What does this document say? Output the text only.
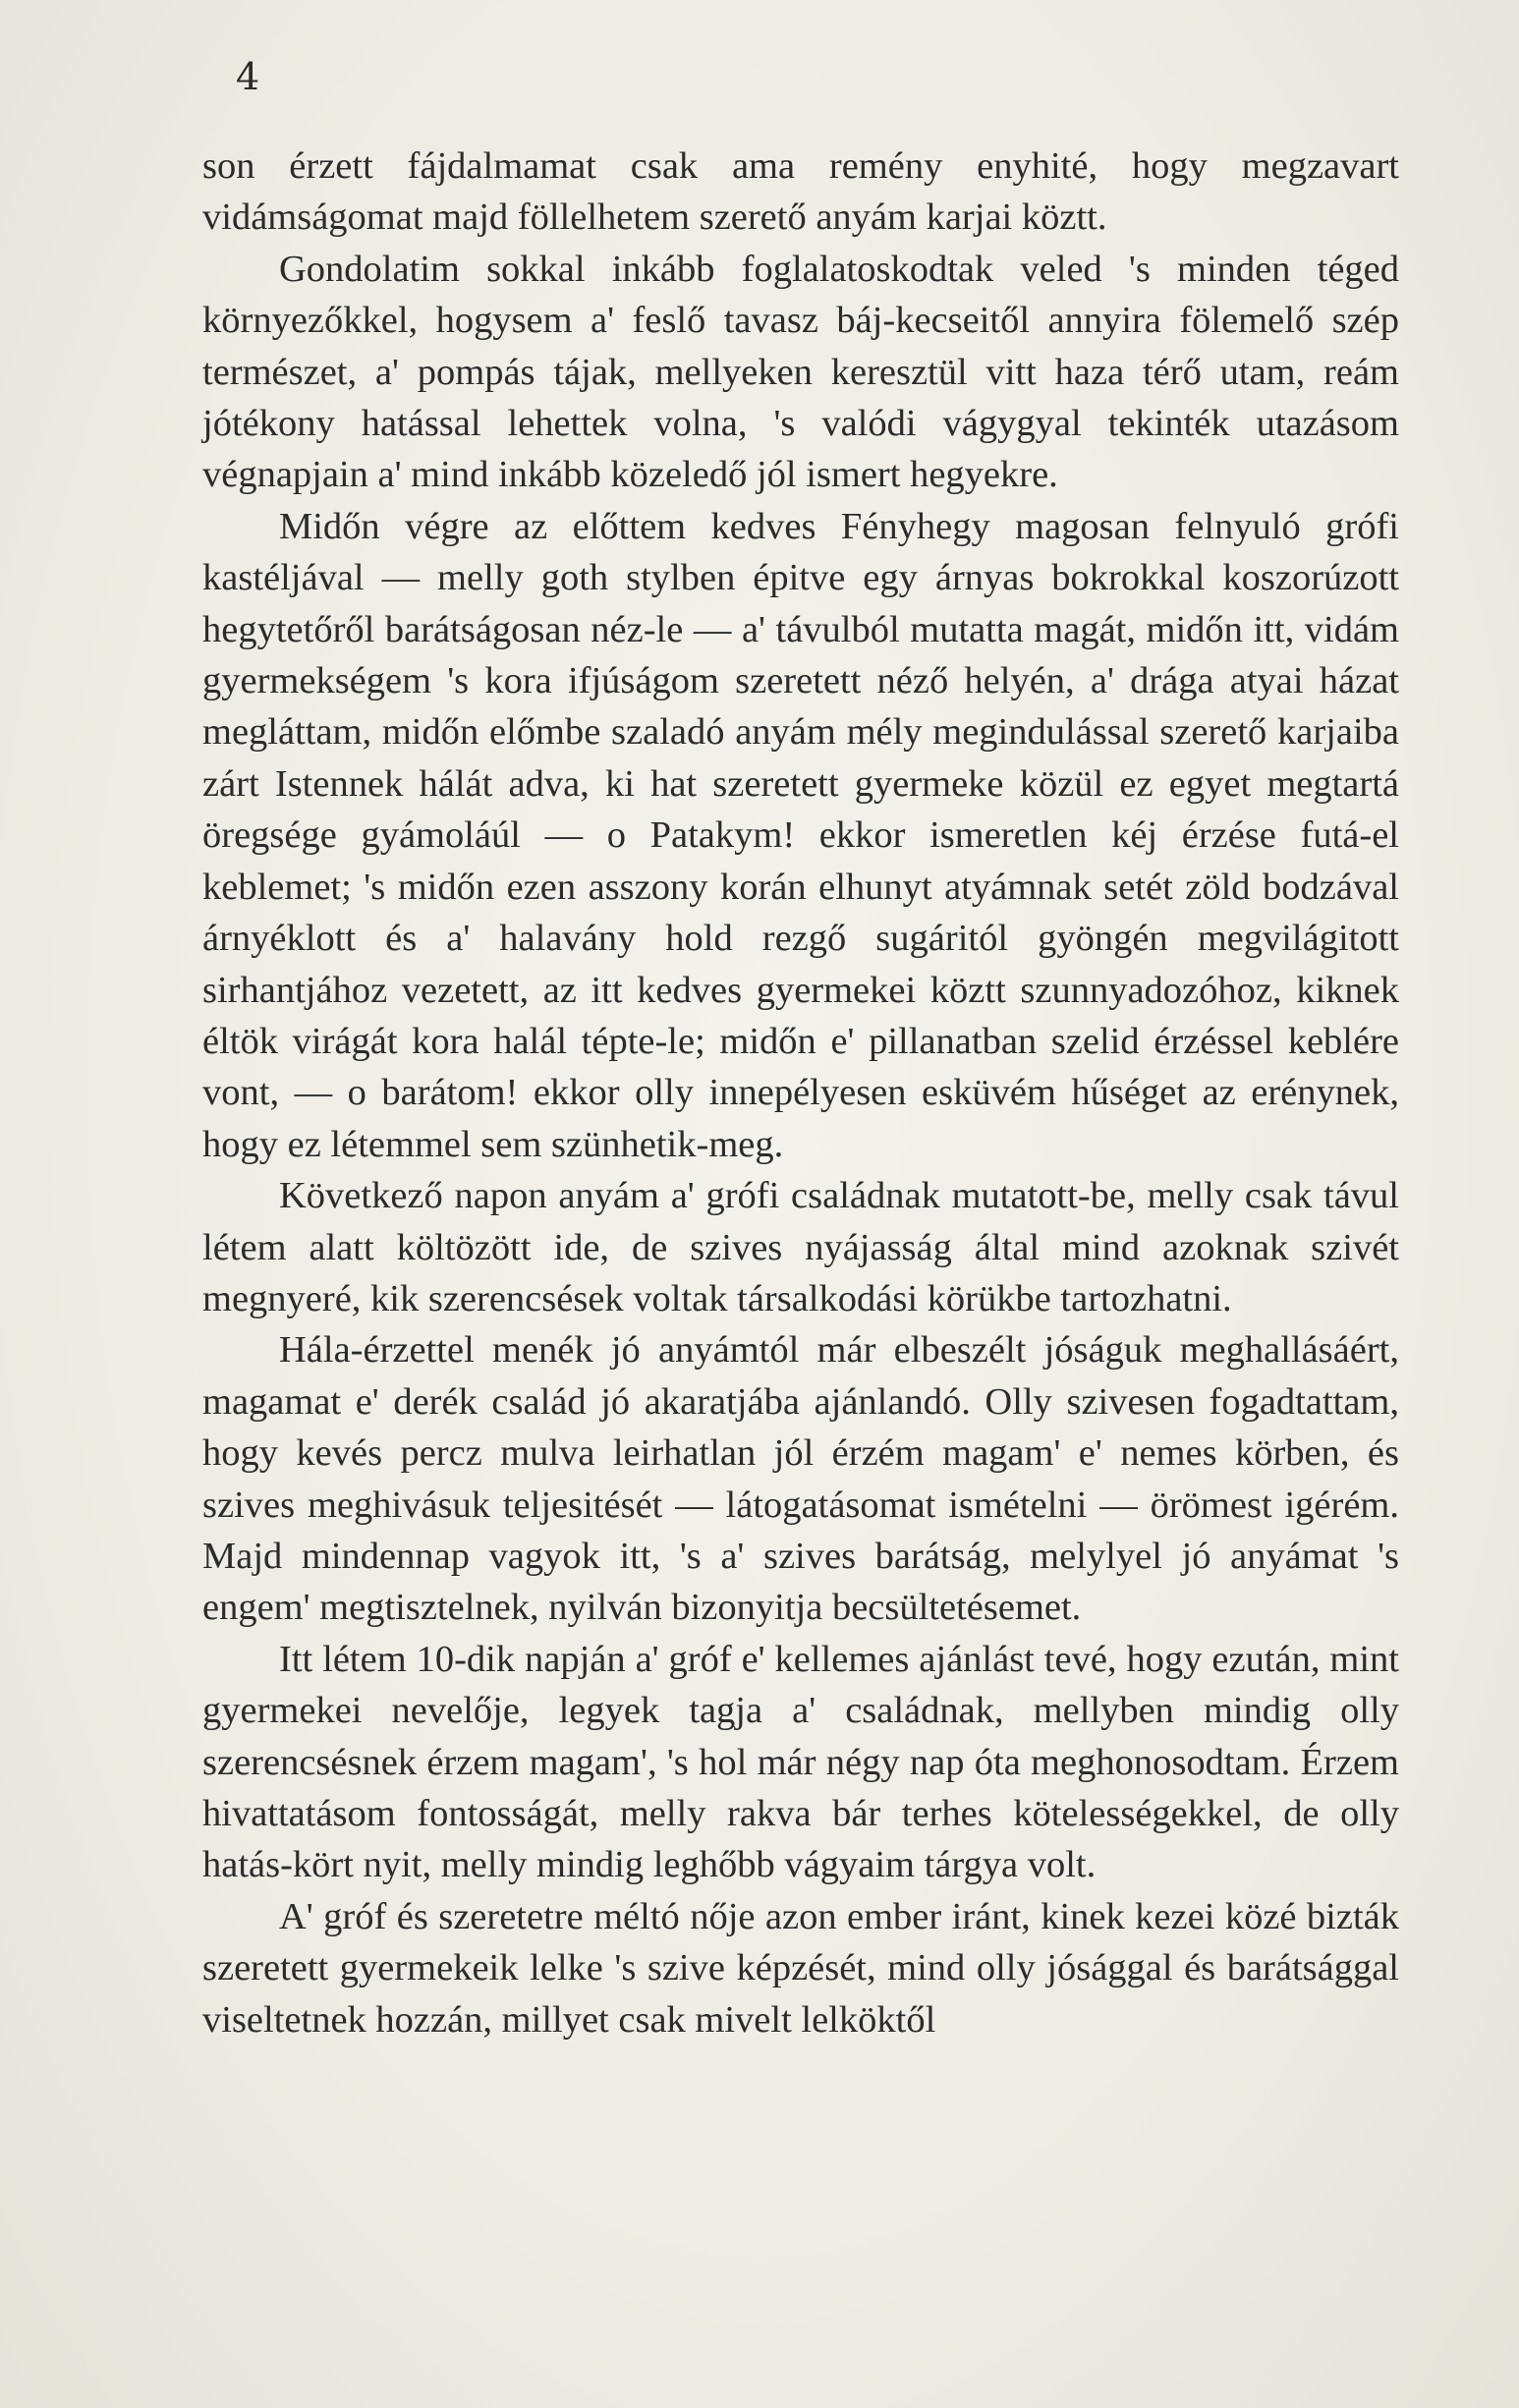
4

son érzett fájdalmamat csak ama remény enyhité, hogy megzavart vidámságomat majd föllelhetem szerető anyám karjai köztt.

Gondolatim sokkal inkább foglalatoskodtak veled 's minden téged környezőkkel, hogysem a' feslő tavasz báj-kecseitől annyira fölemelő szép természet, a' pompás tájak, mellyeken keresztül vitt haza térő utam, reám jótékony hatással lehettek volna, 's valódi vágygyal tekinték utazásom végnapjain a' mind inkább közeledő jól ismert hegyekre.

Midőn végre az előttem kedves Fényhegy magosan felnyuló grófi kastéljával — melly goth stylben épitve egy árnyas bokrokkal koszorúzott hegytetőről barátságosan néz-le — a' távulból mutatta magát, midőn itt, vidám gyermekségem 's kora ifjúságom szeretett néző helyén, a' drága atyai házat megláttam, midőn előmbe szaladó anyám mély megindulással szerető karjaiba zárt Istennek hálát adva, ki hat szeretett gyermeke közül ez egyet megtartá öregsége gyámoláúl — o Patakym! ekkor ismeretlen kéj érzése futá-el keblemet; 's midőn ezen asszony korán elhunyt atyámnak setét zöld bodzával árnyéklott és a' halavány hold rezgő sugáritól gyöngén megvilágitott sirhantjához vezetett, az itt kedves gyermekei köztt szunnyadozóhoz, kiknek éltök virágát kora halál tépte-le; midőn e' pillanatban szelid érzéssel keblére vont, — o barátom! ekkor olly innepélyesen esküvém hűséget az erénynek, hogy ez létemmel sem szünhetik-meg.

Következő napon anyám a' grófi családnak mutatott-be, melly csak távul létem alatt költözött ide, de szives nyájasság által mind azoknak szivét megnyeré, kik szerencsések voltak társalkodási körükbe tartozhatni.

Hála-érzettel menék jó anyámtól már elbeszélt jóságuk meghallásáért, magamat e' derék család jó akaratjába ajánlandó. Olly szivesen fogadtattam, hogy kevés percz mulva leirhatlan jól érzém magam' e' nemes körben, és szives meghivásuk teljesitését — látogatásomat ismételni — örömest igérém. Majd mindennap vagyok itt, 's a' szives barátság, melylyel jó anyámat 's engem' megtisztelnek, nyilván bizonyitja becsültetésemet.

Itt létem 10-dik napján a' gróf e' kellemes ajánlást tevé, hogy ezután, mint gyermekei nevelője, legyek tagja a' családnak, mellyben mindig olly szerencsésnek érzem magam', 's hol már négy nap óta meghonosodtam. Érzem hivattatásom fontosságát, melly rakva bár terhes kötelességekkel, de olly hatás-kört nyit, melly mindig leghőbb vágyaim tárgya volt.

A' gróf és szeretetre méltó nője azon ember iránt, kinek kezei közé bizták szeretett gyermekeik lelke 's szive képzését, mind olly jósággal és barátsággal viseltetnek hozzán, millyet csak mivelt lelköktől
